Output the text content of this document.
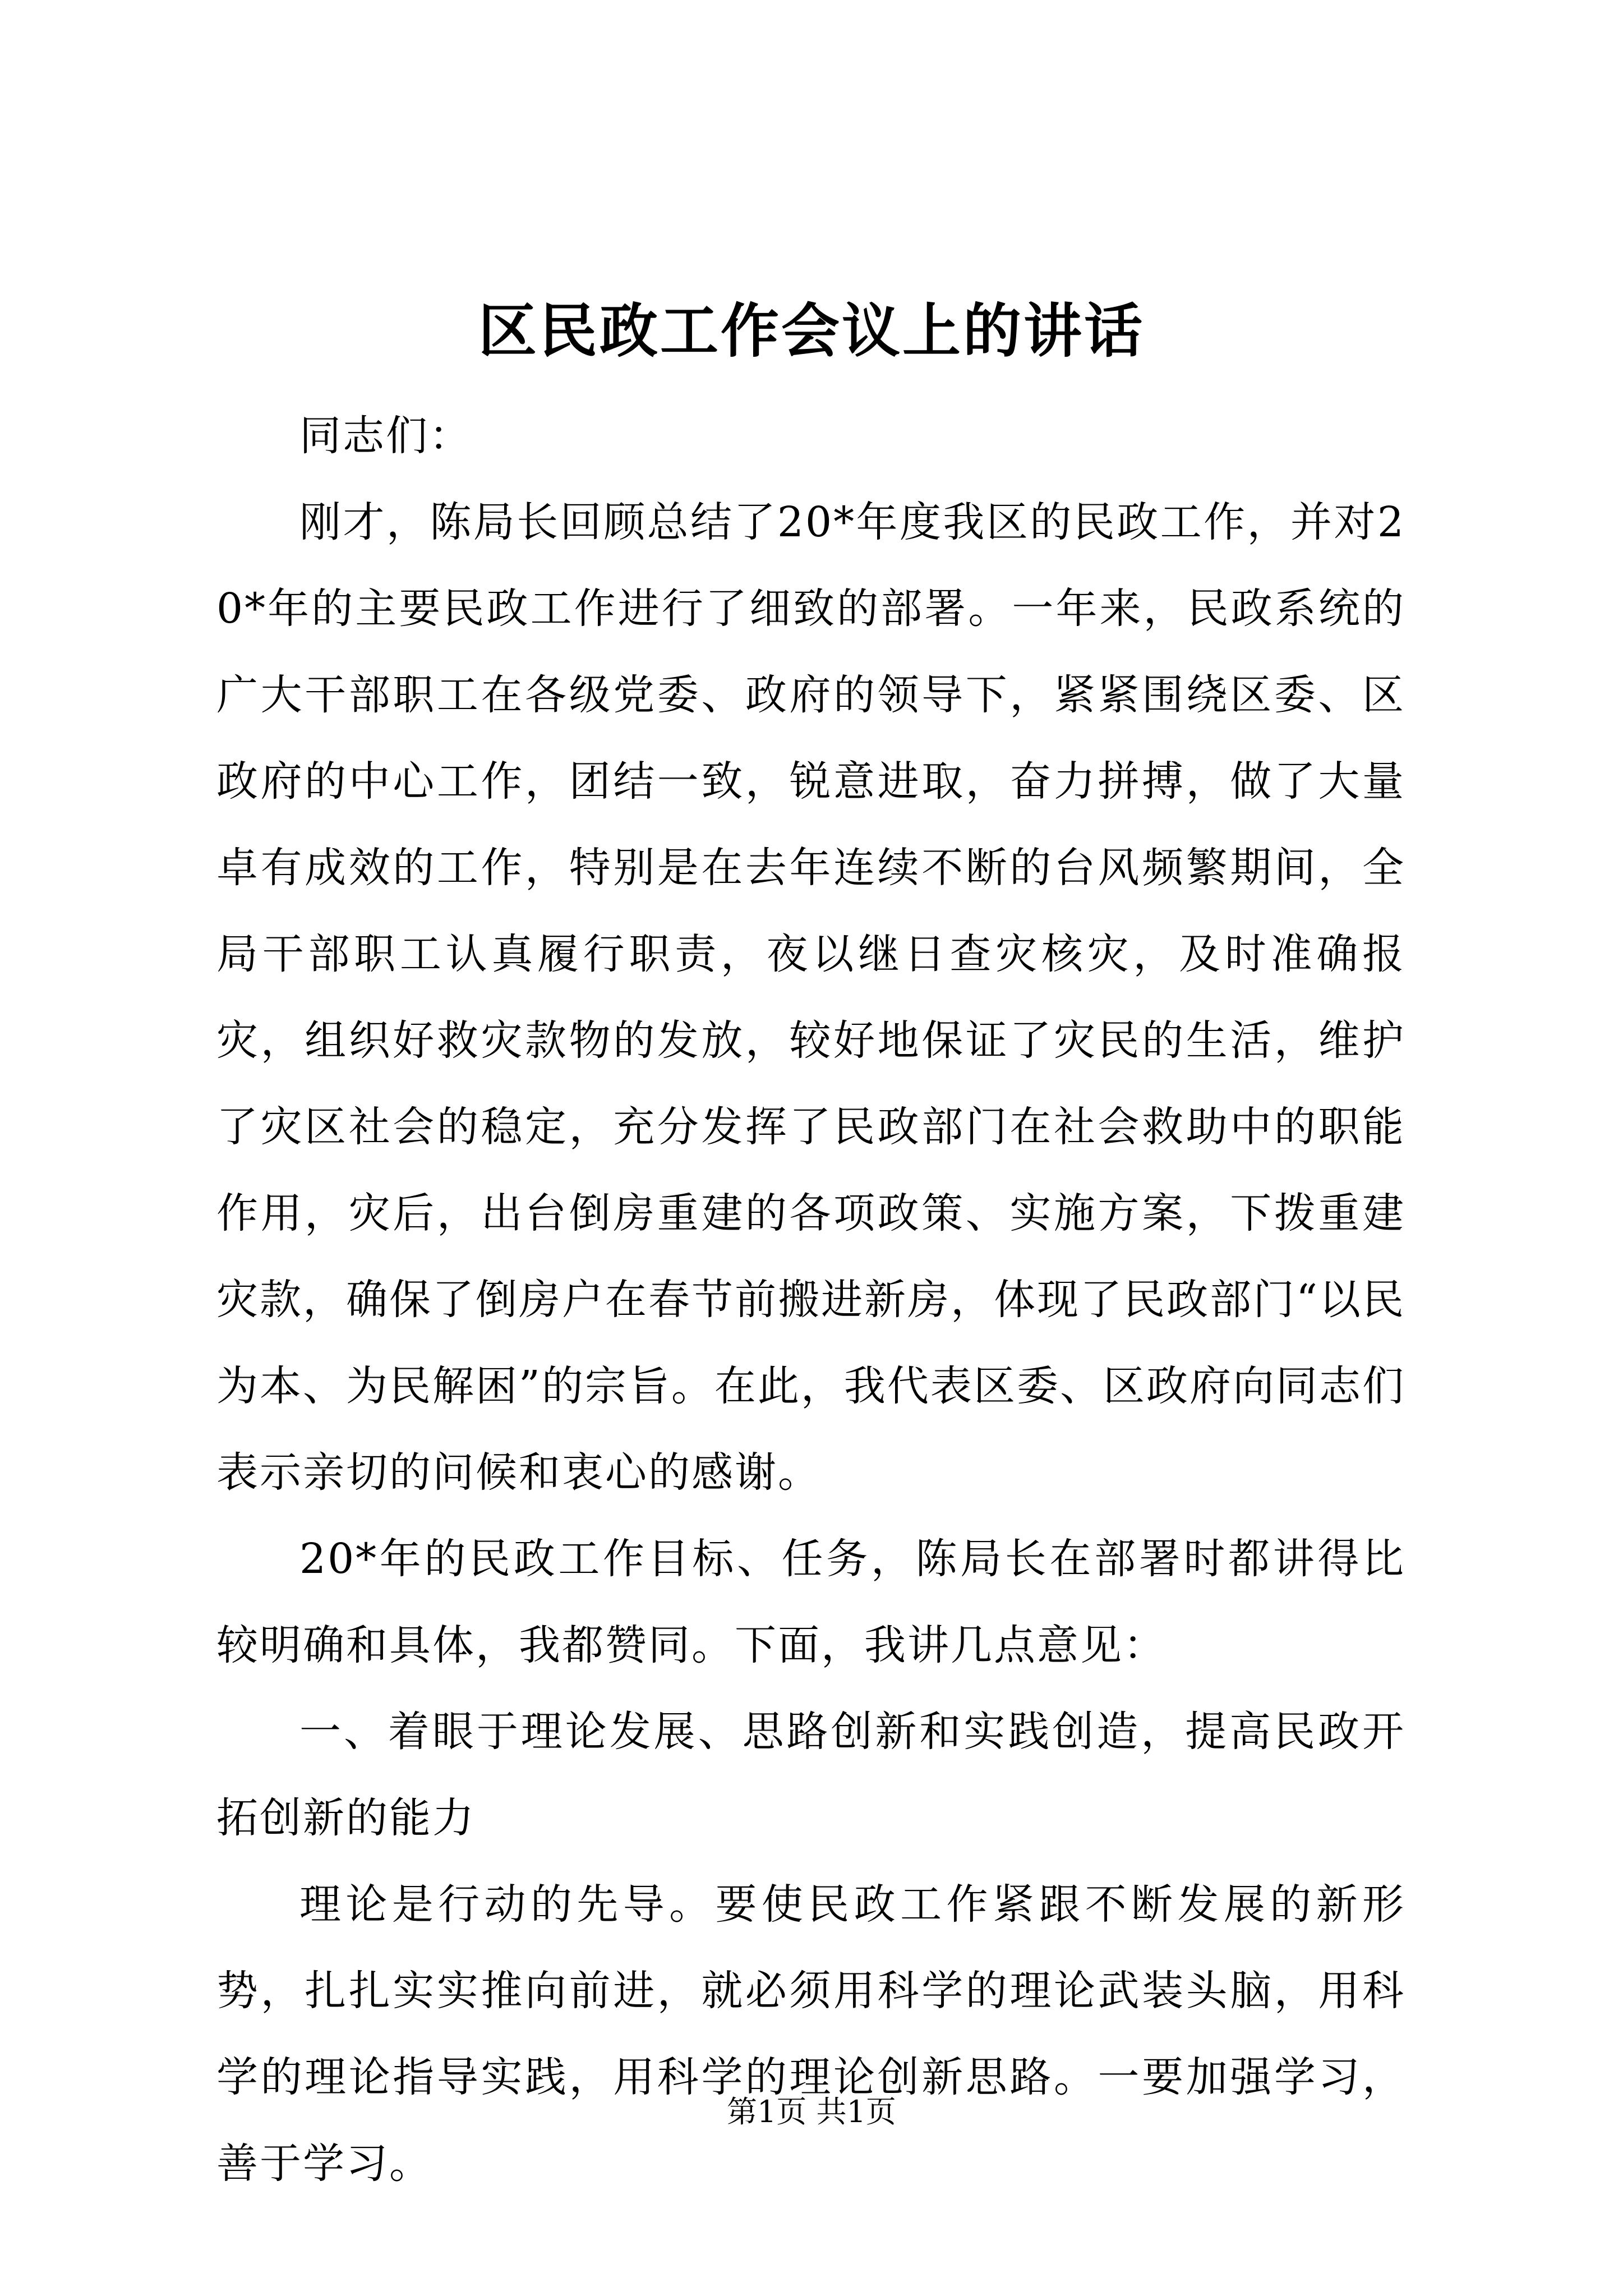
区民政工作会议上的讲话

同志们：

刚才，陈局长回顾总结了20*年度我区的民政工作，并对20*年的主要民政工作进行了细致的部署。一年来，民政系统的广大干部职工在各级党委、政府的领导下，紧紧围绕区委、区政府的中心工作，团结一致，锐意进取，奋力拼搏，做了大量卓有成效的工作，特别是在去年连续不断的台风频繁期间，全局干部职工认真履行职责，夜以继日查灾核灾，及时准确报灾，组织好救灾款物的发放，较好地保证了灾民的生活，维护了灾区社会的稳定，充分发挥了民政部门在社会救助中的职能作用，灾后，出台倒房重建的各项政策、实施方案，下拨重建灾款，确保了倒房户在春节前搬进新房，体现了民政部门“以民为本、为民解困”的宗旨。在此，我代表区委、区政府向同志们表示亲切的问候和衷心的感谢。

20*年的民政工作目标、任务，陈局长在部署时都讲得比较明确和具体，我都赞同。下面，我讲几点意见：

一、着眼于理论发展、思路创新和实践创造，提高民政开拓创新的能力

理论是行动的先导。要使民政工作紧跟不断发展的新形势，扎扎实实推向前进，就必须用科学的理论武装头脑，用科学的理论指导实践，用科学的理论创新思路。一要加强学习，善于学习。

第1页 共1页
